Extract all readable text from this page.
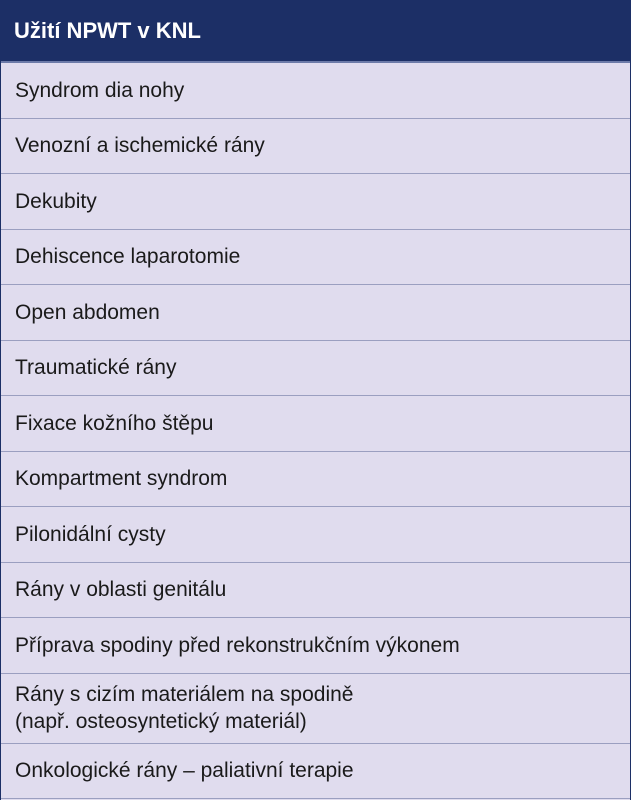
Užití NPWT v KNL
Syndrom dia nohy
Venozní a ischemické rány
Dekubity
Dehiscence laparotomie
Open abdomen
Traumatické rány
Fixace kožního štěpu
Kompartment syndrom
Pilonidální cysty
Rány v oblasti genitálu
Příprava spodiny před rekonstrukčním výkonem
Rány s cizím materiálem na spodině
(např. osteosyntetický materiál)
Onkologické rány – paliativní terapie
